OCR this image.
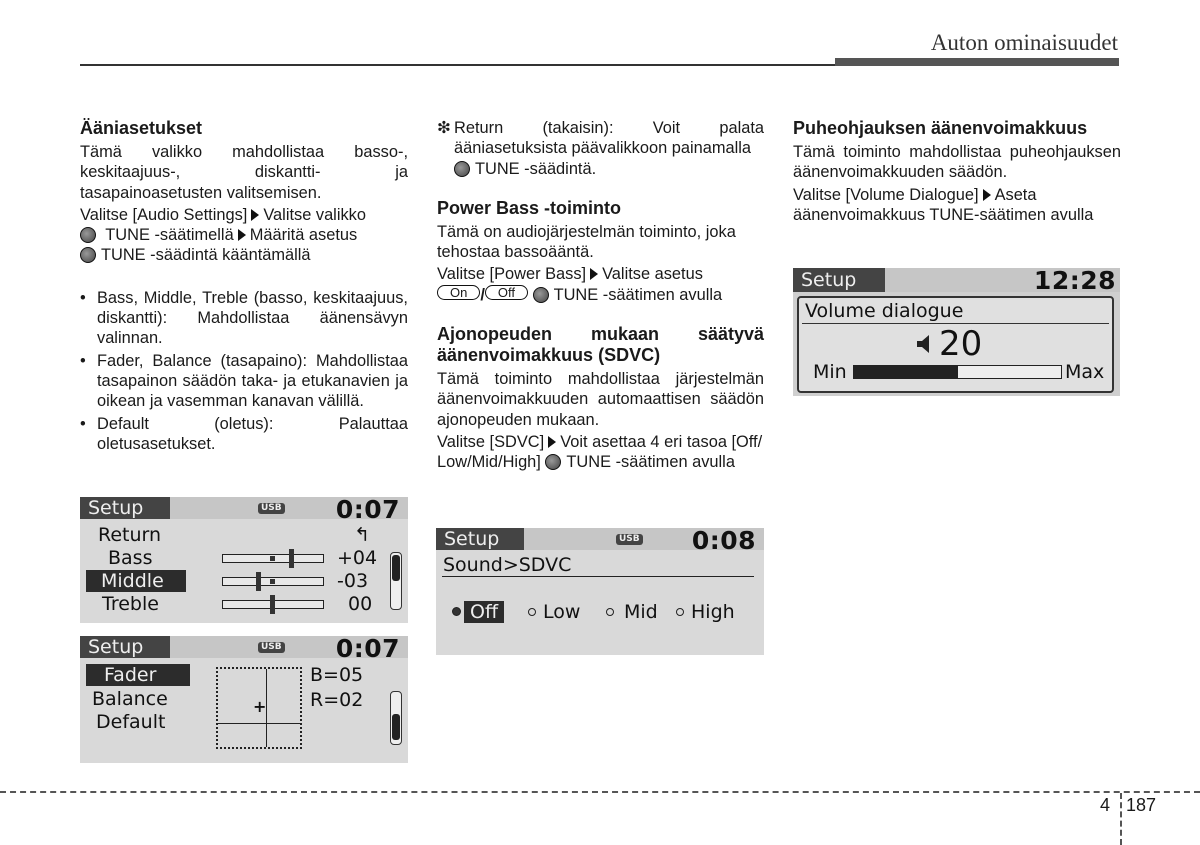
Auton ominaisuudet
Ääniasetukset

Tämä valikko mahdollistaa basso-, keskitaajuus-, diskantti- ja tasapainoasetusten valitsemisen.

Valitse [Audio Settings] Valitse valikko
TUNE -säätimellä Määritä asetus
TUNE -säädintä kääntämällä

• Bass, Middle, Treble (basso, keskitaajuus, diskantti): Mahdollistaa äänensävyn valinnan.
• Fader, Balance (tasapaino): Mahdollistaa tasapainon säädön taka- ja etukanavien ja oikean ja vasemman kanavan välillä.
• Default (oletus): Palauttaa oletusasetukset.
Setup	USB 0:07
Return	↰
Bass
Middle
Treble
+04
-03
00
Setup	USB 0:07
Fader
Balance
Default
+
B=05
R=02

❇ Return (takaisin): Voit palata ääniasetuksista päävalikkoon painamalla
TUNE -säädintä.

Power Bass -toiminto

Tämä on audiojärjestelmän toiminto, joka tehostaa bassoääntä.

Valitse [Power Bass] Valitse asetus
On / Off TUNE -säätimen avulla

Ajonopeuden mukaan säätyvä äänenvoimakkuus (SDVC)

Tämä toiminto mahdollistaa järjestelmän äänenvoimakkuuden automaattisen säädön ajonopeuden mukaan.

Valitse [SDVC] Voit asettaa 4 eri tasoa [Off/ Low/Mid/High] TUNE -säätimen avulla

Setup	USB 0:08
Sound>SDVC
Off	Low Mid High
Puheohjauksen äänenvoimakkuus

Tämä toiminto mahdollistaa puheohjauksen äänenvoimakkuuden säädön.

Valitse [Volume Dialogue] Aseta äänenvoimakkuus TUNE-säätimen avulla

Setup	12:28
Volume dialogue
20
Min	Max
4 187
